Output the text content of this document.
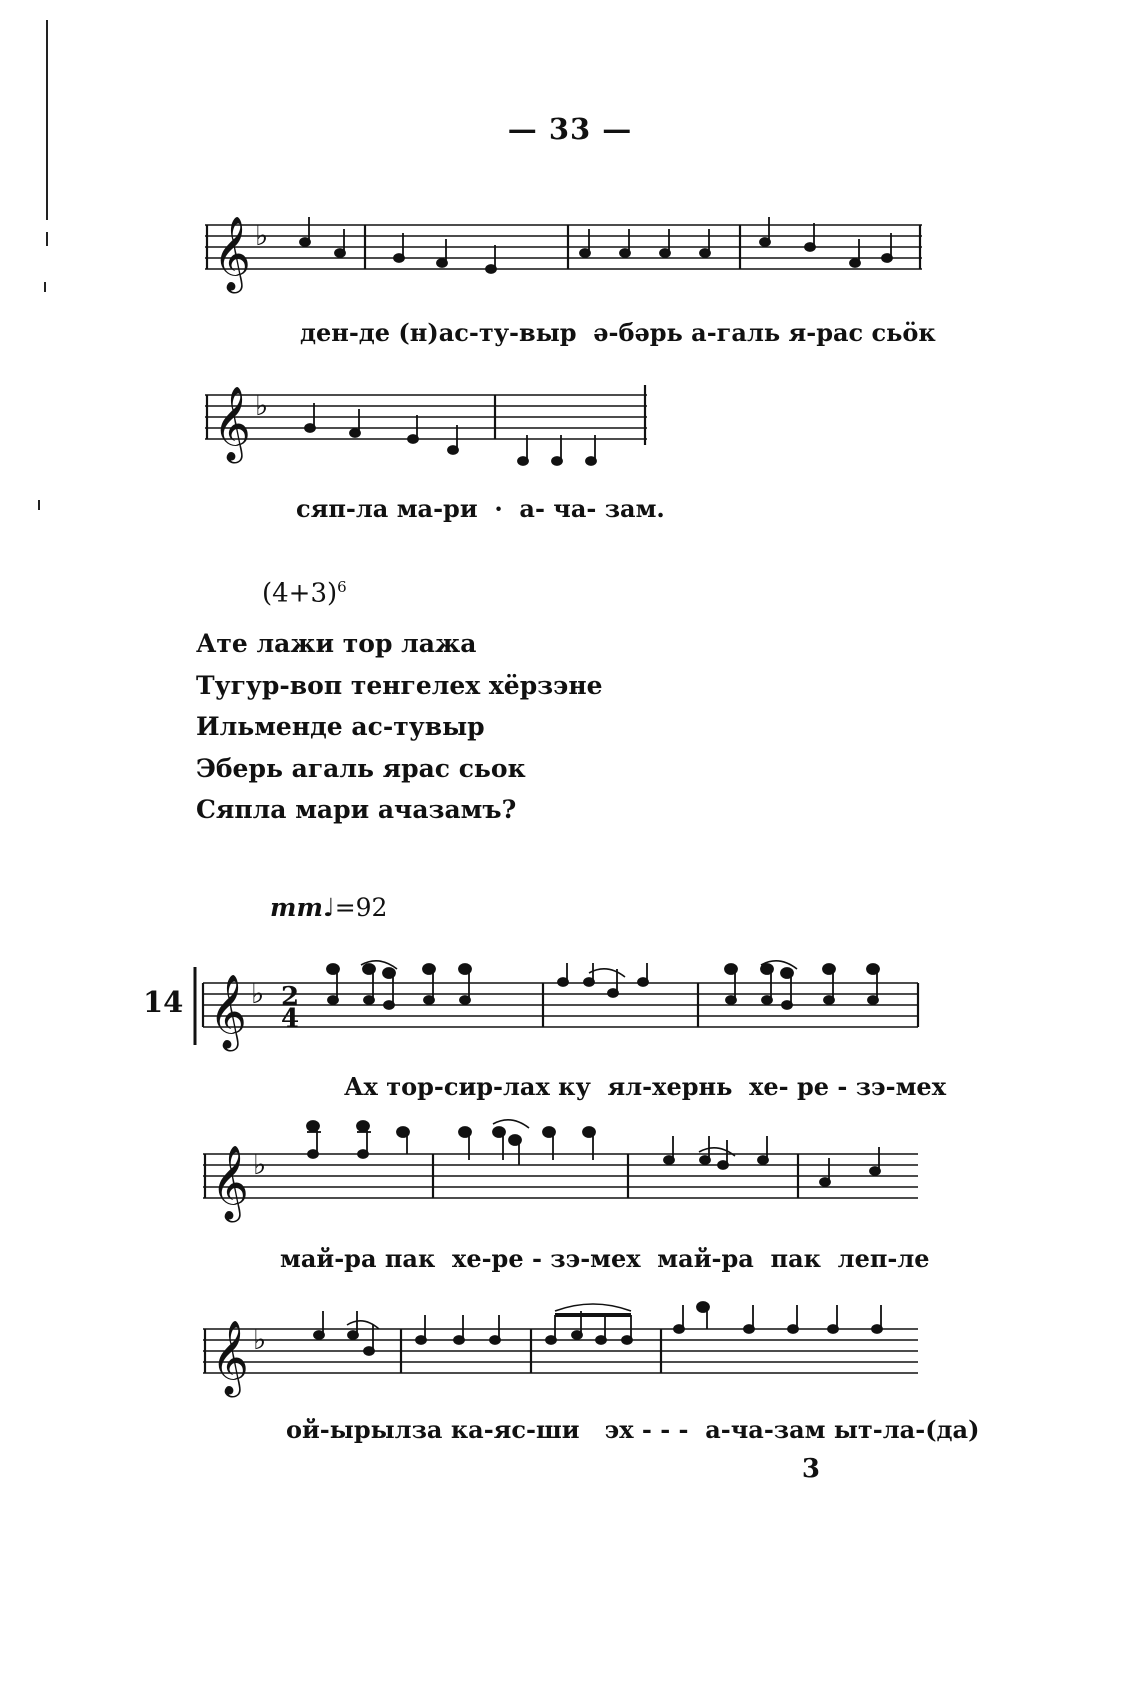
— 33 —
𝄞 ♭
ден-де (н)ас-ту-выр  ә-бәрь а-галь я-рас сьӧк
𝄞 ♭
сяп-ла ма-ри  ·  а- ча- зам.
$(4+3)^6$
Ате лажи тор лажа
Тугур-воп тенгелех хёрзэне
Ильменде ас-тувыр
Эберь агаль ярас сьок
Сяпла мари ачазамъ?
mm♩=92
14 𝄞 ♭ 2
4
Ах тор-сир-лах ку  ял-хернь  хе- ре - зэ-мех
𝄞 ♭
май-ра пак  хе-ре - зэ-мех  май-ра  пак  леп-ле
𝄞 ♭
ой-ырылза ка-яс-ши   эх - - -  а-ча-зам ыт-ла-(да)
3
